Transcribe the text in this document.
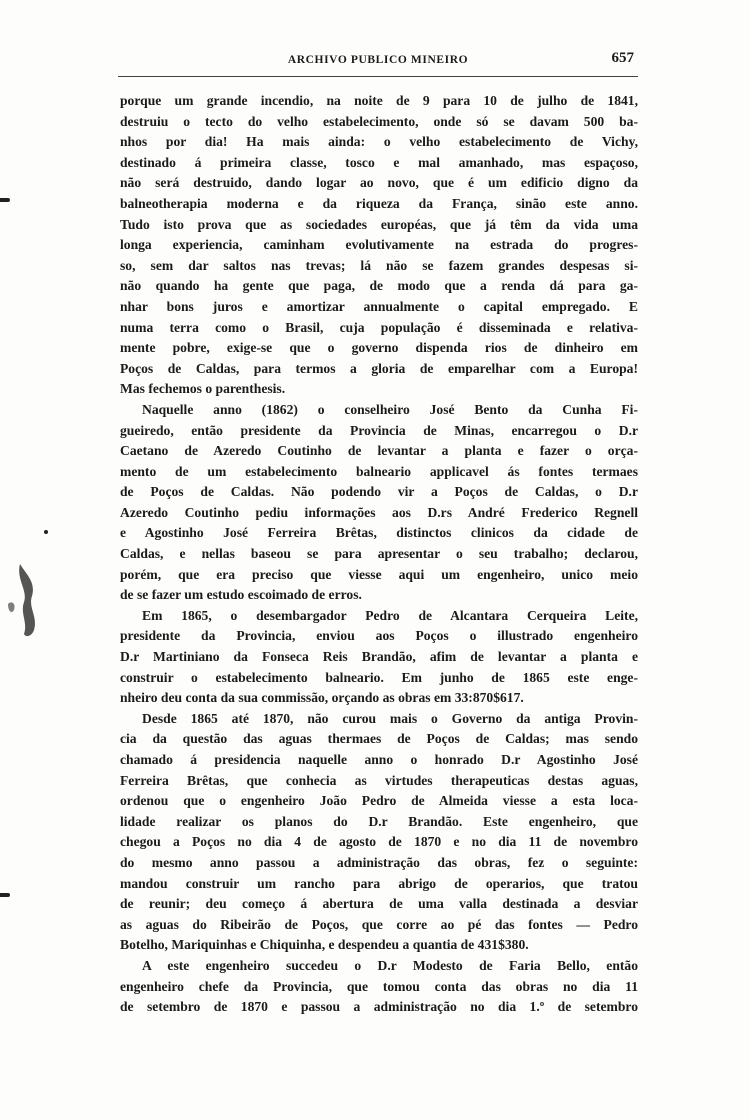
ARCHIVO PUBLICO MINEIRO	657
porque um grande incendio, na noite de 9 para 10 de julho de 1841,
destruiu o tecto do velho estabelecimento, onde só se davam 500 ba-
nhos por dia! Ha mais ainda: o velho estabelecimento de Vichy,
destinado á primeira classe, tosco e mal amanhado, mas espaçoso,
não será destruido, dando logar ao novo, que é um edificio digno da
balneotherapia moderna e da riqueza da França, sinão este anno.
Tudo isto prova que as sociedades européas, que já têm da vida uma
longa experiencia, caminham evolutivamente na estrada do progres-
so, sem dar saltos nas trevas; lá não se fazem grandes despesas si-
não quando ha gente que paga, de modo que a renda dá para ga-
nhar bons juros e amortizar annualmente o capital empregado. E
numa terra como o Brasil, cuja população é disseminada e relativa-
mente pobre, exige-se que o governo dispenda rios de dinheiro em
Poços de Caldas, para termos a gloria de emparelhar com a Europa!
Mas fechemos o parenthesis.
Naquelle anno (1862) o conselheiro José Bento da Cunha Fi-
gueiredo, então presidente da Provincia de Minas, encarregou o D.r
Caetano de Azeredo Coutinho de levantar a planta e fazer o orça-
mento de um estabelecimento balneario applicavel ás fontes termaes
de Poços de Caldas. Não podendo vir a Poços de Caldas, o D.r
Azeredo Coutinho pediu informações aos D.rs André Frederico Regnell
e Agostinho José Ferreira Brêtas, distinctos clinicos da cidade de
Caldas, e nellas baseou se para apresentar o seu trabalho; declarou,
porém, que era preciso que viesse aqui um engenheiro, unico meio
de se fazer um estudo escoimado de erros.
Em 1865, o desembargador Pedro de Alcantara Cerqueira Leite,
presidente da Provincia, enviou aos Poços o illustrado engenheiro
D.r Martiniano da Fonseca Reis Brandão, afim de levantar a planta e
construir o estabelecimento balneario. Em junho de 1865 este enge-
nheiro deu conta da sua commissão, orçando as obras em 33:870$617.
Desde 1865 até 1870, não curou mais o Governo da antiga Provin-
cia da questão das aguas thermaes de Poços de Caldas; mas sendo
chamado á presidencia naquelle anno o honrado D.r Agostinho José
Ferreira Brêtas, que conhecia as virtudes therapeuticas destas aguas,
ordenou que o engenheiro João Pedro de Almeida viesse a esta loca-
lidade realizar os planos do D.r Brandão. Este engenheiro, que
chegou a Poços no dia 4 de agosto de 1870 e no dia 11 de novembro
do mesmo anno passou a administração das obras, fez o seguinte:
mandou construir um rancho para abrigo de operarios, que tratou
de reunir; deu começo á abertura de uma valla destinada a desviar
as aguas do Ribeirão de Poços, que corre ao pé das fontes — Pedro
Botelho, Mariquinhas e Chiquinha, e despendeu a quantia de 431$380.
A este engenheiro succedeu o D.r Modesto de Faria Bello, então
engenheiro chefe da Provincia, que tomou conta das obras no dia 11
de setembro de 1870 e passou a administração no dia 1.º de setembro
